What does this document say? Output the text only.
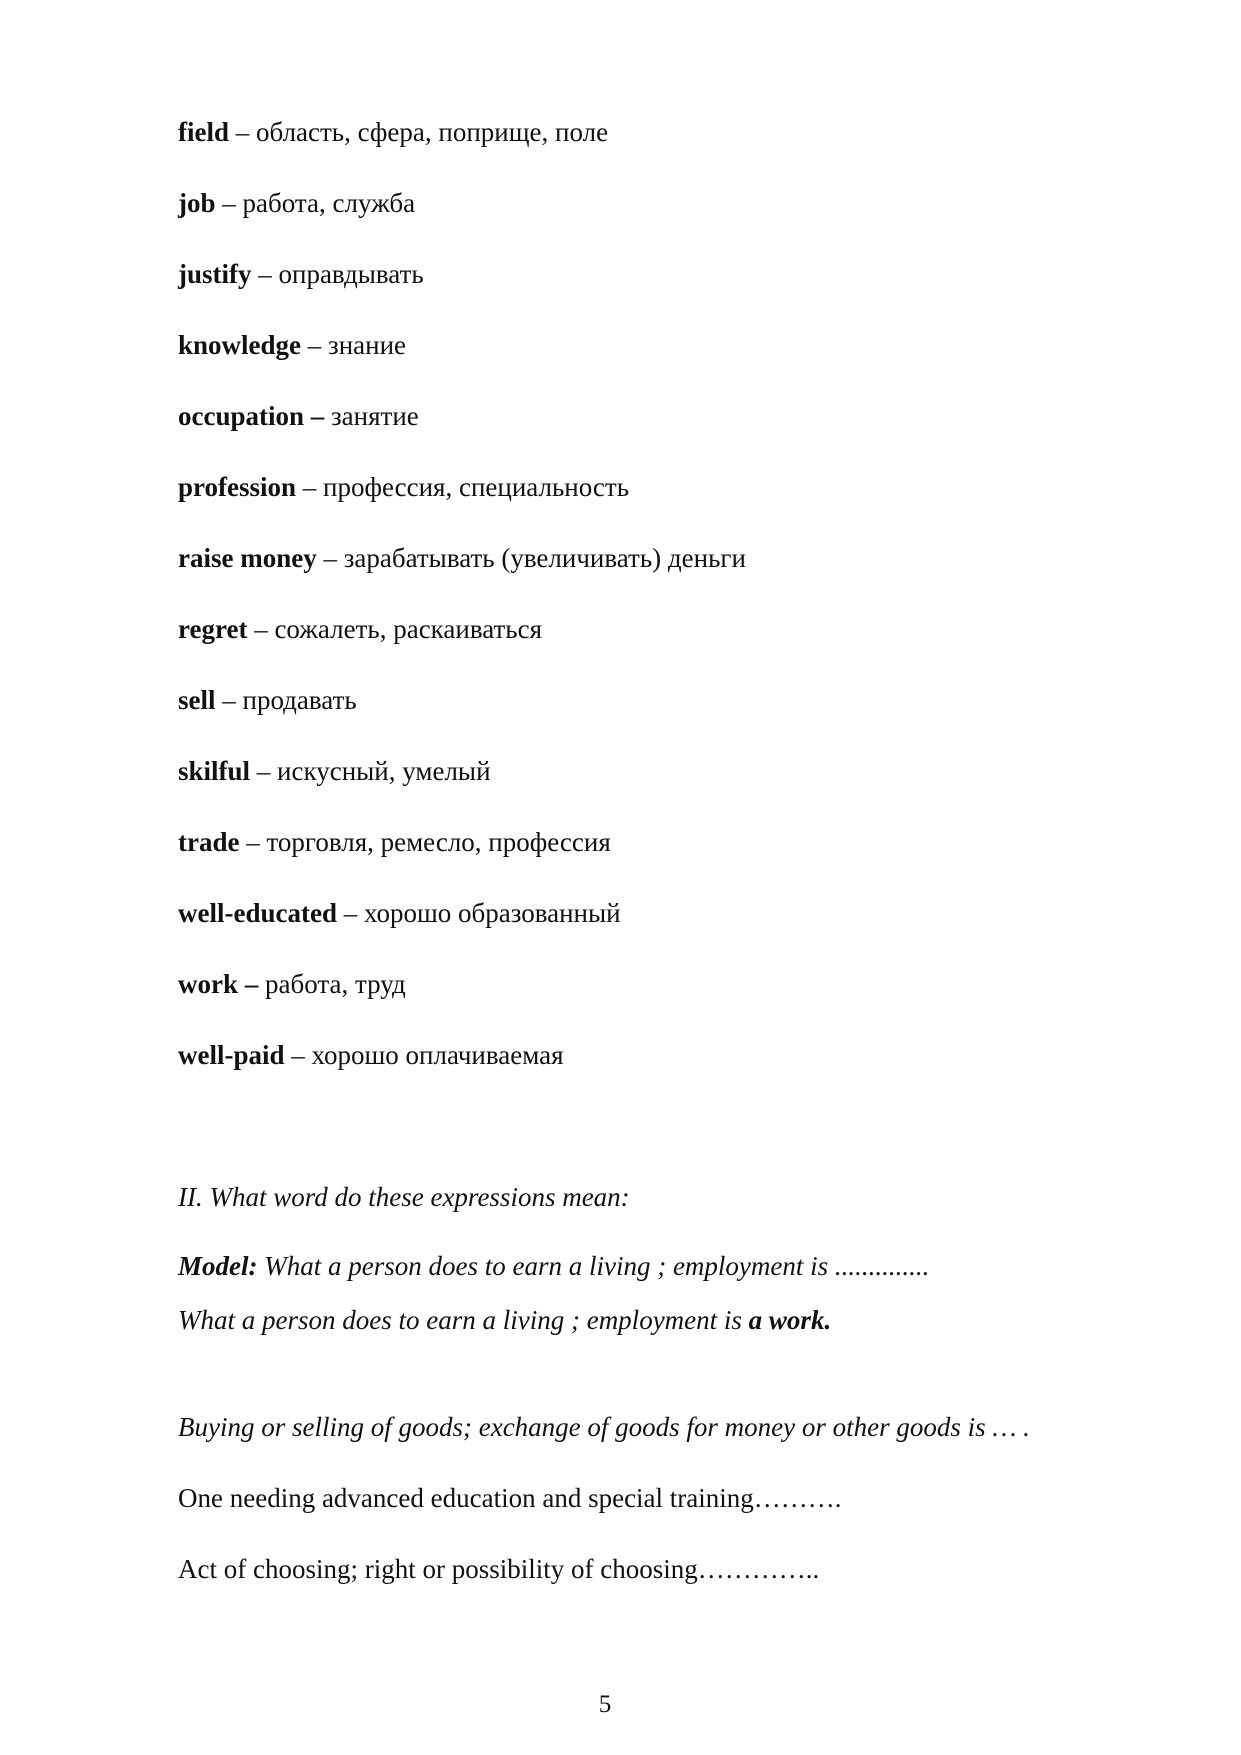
field – область, сфера, поприще, поле
job – работа, служба
justify – оправдывать
knowledge – знание
occupation – занятие
profession – профессия, специальность
raise money – зарабатывать (увеличивать) деньги
regret – сожалеть, раскаиваться
sell – продавать
skilful – искусный, умелый
trade – торговля, ремесло, профессия
well-educated – хорошо образованный
work – работа, труд
well-paid – хорошо оплачиваемая
II. What word do these expressions mean:
Model: What a person does to earn a living ; employment is ..............
What a person does to earn a living ; employment is a work.
Buying or selling of goods; exchange of goods for money or other goods is … .
One needing advanced education and special training……….
Act of choosing; right or possibility of choosing…………..
5
